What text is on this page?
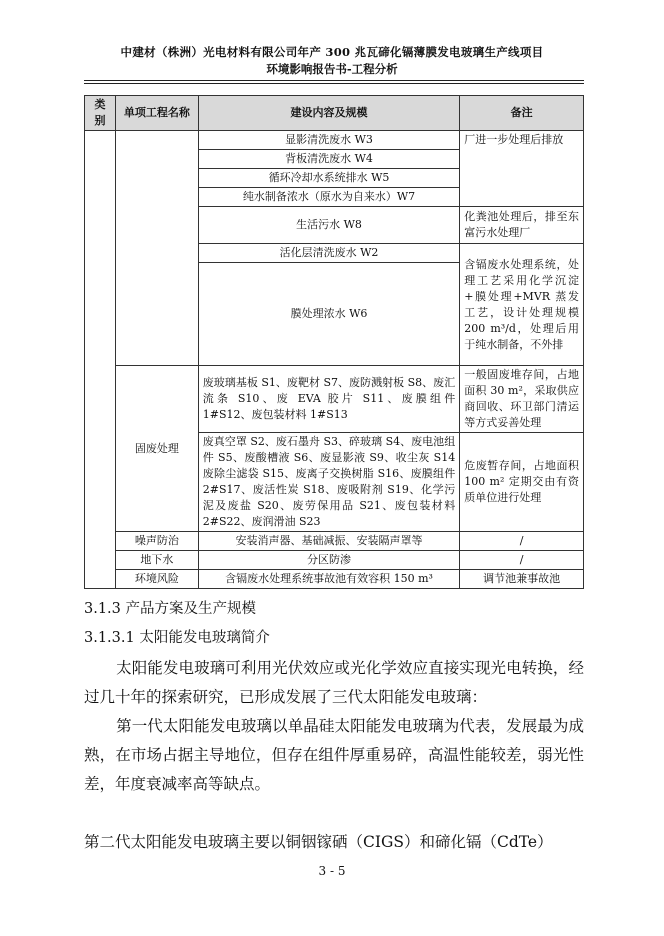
中建材（株洲）光电材料有限公司年产 300 兆瓦碲化镉薄膜发电玻璃生产线项目
环境影响报告书-工程分析
类别	单项工程名称	建设内容及规模	备注
		显影清洗废水 W3	厂进一步处理后排放
		背板清洗废水 W4	
		循环冷却水系统排水 W5	
		纯水制备浓水（原水为自来水）W7	
		生活污水 W8	化粪池处理后，排至东富污水处理厂
		活化层清洗废水 W2	含镉废水处理系统，处理工艺采用化学沉淀+膜处理+MVR 蒸发工艺，设计处理规模 200 m³/d，处理后用于纯水制备，不外排
		膜处理浓水 W6	

	固废处理	废玻璃基板 S1、废靶材 S7、废防溅射板 S8、废汇流条 S10、废 EVA 胶片 S11、废膜组件 1#S12、废包装材料 1#S13	一般固废堆存间，占地面积 30 m²，采取供应商回收、环卫部门清运等方式妥善处理
		废真空罩 S2、废石墨舟 S3、碎玻璃 S4、废电池组件 S5、废酸槽液 S6、废显影液 S9、收尘灰 S14 废除尘滤袋 S15、废离子交换树脂 S16、废膜组件 2#S17、废活性炭 S18、废吸附剂 S19、化学污泥及废盐 S20、废劳保用品 S21、废包装材料 2#S22、废润滑油 S23	危废暂存间，占地面积 100 m² 定期交由有资质单位进行处理
	噪声防治	安装消声器、基础减振、安装隔声罩等	/
	地下水	分区防渗	/
	环境风险	含镉废水处理系统事故池有效容积 150 m³	调节池兼事故池
3.1.3 产品方案及生产规模
3.1.3.1 太阳能发电玻璃简介
太阳能发电玻璃可利用光伏效应或光化学效应直接实现光电转换，经过几十年的探索研究，已形成发展了三代太阳能发电玻璃：
第一代太阳能发电玻璃以单晶硅太阳能发电玻璃为代表，发展最为成熟，在市场占据主导地位，但存在组件厚重易碎，高温性能较差，弱光性差，年度衰减率高等缺点。
第二代太阳能发电玻璃主要以铜铟镓硒（CIGS）和碲化镉（CdTe）
3 - 5
